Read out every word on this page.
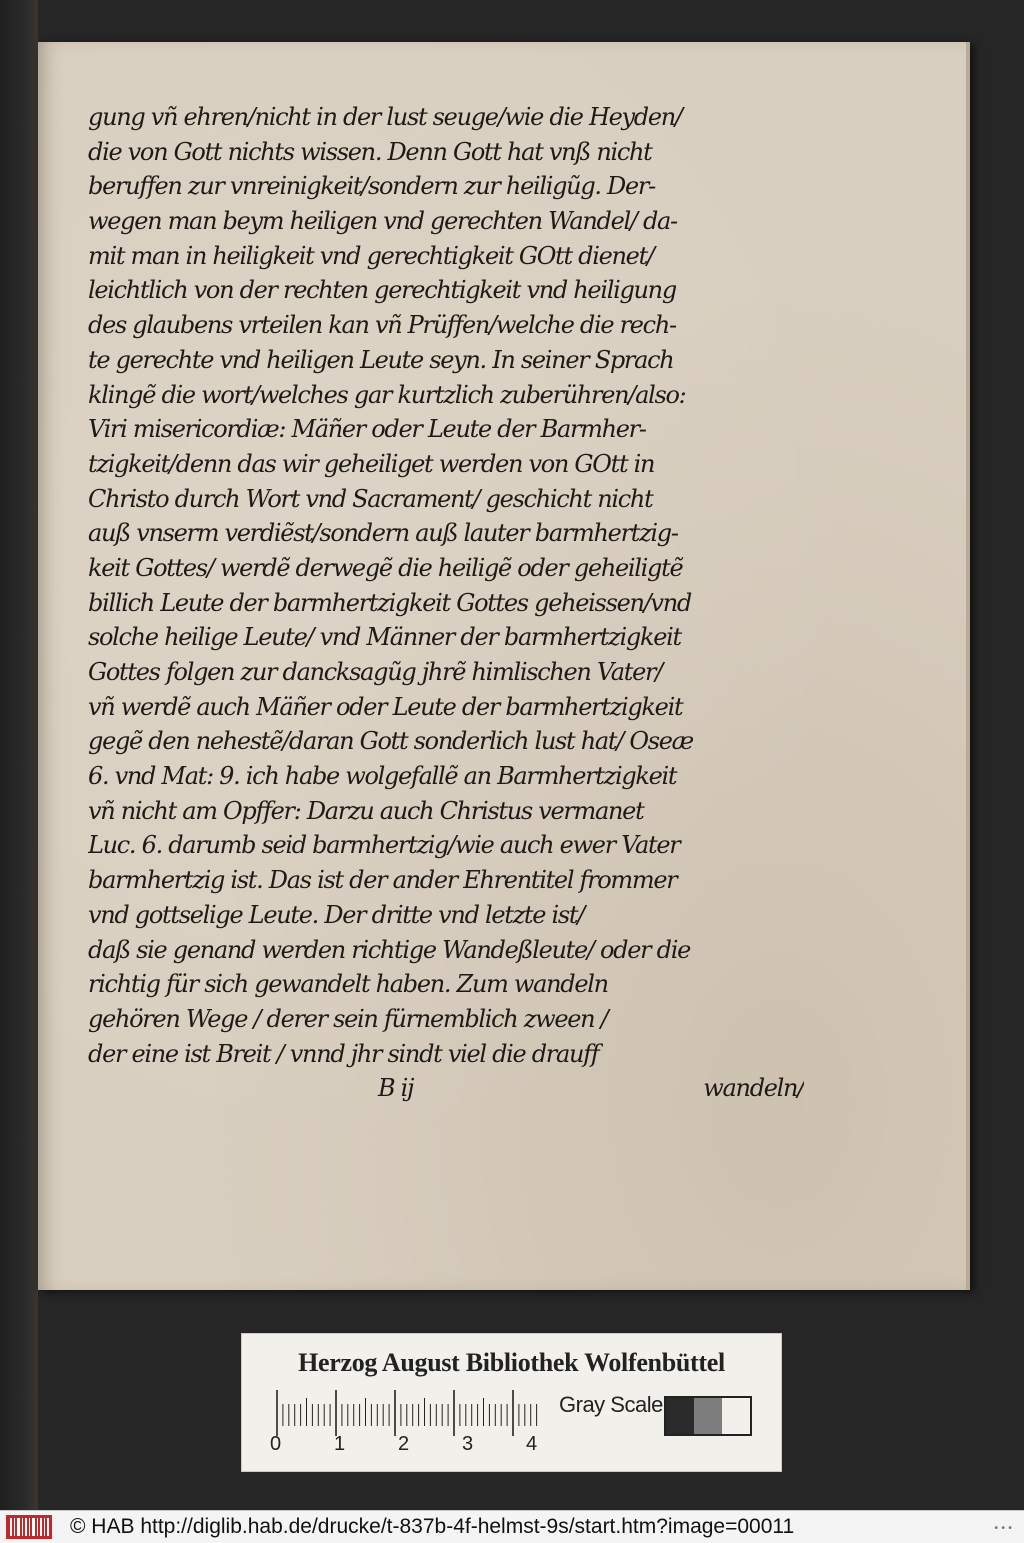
gung vñ ehren/nicht in der lust seuge/wie die Heyden/
die von Gott nichts wissen. Denn Gott hat vnß nicht
beruffen zur vnreinigkeit/sondern zur heiligũg. Der-
wegen man beym heiligen vnd gerechten Wandel/ da-
mit man in heiligkeit vnd gerechtigkeit GOtt dienet/
leichtlich von der rechten gerechtigkeit vnd heiligung
des glaubens vrteilen kan vñ Prüffen/welche die rech-
te gerechte vnd heiligen Leute seyn. In seiner Sprach
klingẽ die wort/welches gar kurtzlich zuberühren/also:
Viri misericordiæ: Mäñer oder Leute der Barmher-
tzigkeit/denn das wir geheiliget werden von GOtt in
Christo durch Wort vnd Sacrament/ geschicht nicht
auß vnserm verdiẽst/sondern auß lauter barmhertzig-
keit Gottes/ werdẽ derwegẽ die heiligẽ oder geheiligtẽ
billich Leute der barmhertzigkeit Gottes geheissen/vnd
solche heilige Leute/ vnd Männer der barmhertzigkeit
Gottes folgen zur dancksagũg jhrẽ himlischen Vater/
vñ werdẽ auch Mäñer oder Leute der barmhertzigkeit
gegẽ den nehestẽ/daran Gott sonderlich lust hat/ Oseæ
6. vnd Mat: 9. ich habe wolgefallẽ an Barmhertzigkeit
vñ nicht am Opffer: Darzu auch Christus vermanet
Luc. 6. darumb seid barmhertzig/wie auch ewer Vater
barmhertzig ist. Das ist der ander Ehrentitel frommer
vnd gottselige Leute. Der dritte vnd letzte ist/
daß sie genand werden richtige Wandeßleute/ oder die
richtig für sich gewandelt haben. Zum wandeln
gehören Wege / derer sein fürnemblich zween /
der eine ist Breit / vnnd jhr sindt viel die drauff
B ij	wandeln/
Herzog August Bibliothek Wolfenbüttel
0	1	2	3	4
Gray Scale
© HAB http://diglib.hab.de/drucke/t-837b-4f-helmst-9s/start.htm?image=00011	•••
